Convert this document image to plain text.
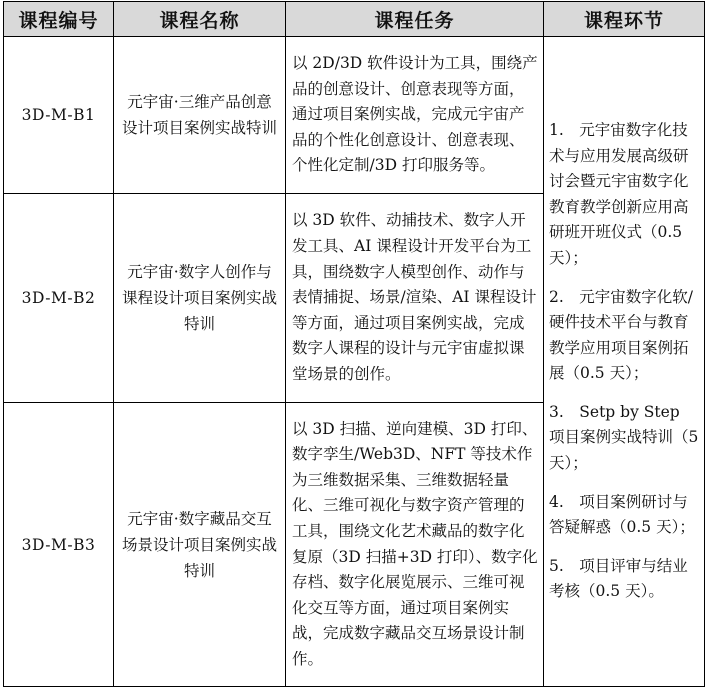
课程编号	课程名称	课程任务	课程环节
3D-M-B1	元宇宙·三维产品创意设计项目案例实战特训	以 2D/3D 软件设计为工具，围绕产品的创意设计、创意表现等方面，通过项目案例实战，完成元宇宙产品的个性化创意设计、创意表现、个性化定制/3D 打印服务等。	1.　元宇宙数字化技术与应用发展高级研讨会暨元宇宙数字化教育教学创新应用高研班开班仪式（0.5 天）；
2.　元宇宙数字化软/硬件技术平台与教育教学应用项目案例拓展（0.5 天）；
3.　Setp by Step 项目案例实战特训（5 天）；
4.　项目案例研讨与答疑解惑（0.5 天）；
5.　项目评审与结业考核（0.5 天）。

3D-M-B2	元宇宙·数字人创作与课程设计项目案例实战特训	以 3D 软件、动捕技术、数字人开发工具、AI 课程设计开发平台为工具，围绕数字人模型创作、动作与表情捕捉、场景/渲染、AI 课程设计等方面，通过项目案例实战，完成数字人课程的设计与元宇宙虚拟课堂场景的创作。	
3D-M-B3	元宇宙·数字藏品交互场景设计项目案例实战特训	以 3D 扫描、逆向建模、3D 打印、数字孪生/Web3D、NFT 等技术作为三维数据采集、三维数据轻量化、三维可视化与数字资产管理的工具，围绕文化艺术藏品的数字化复原（3D 扫描+3D 打印）、数字化存档、数字化展览展示、三维可视化交互等方面，通过项目案例实战，完成数字藏品交互场景设计制作。	
